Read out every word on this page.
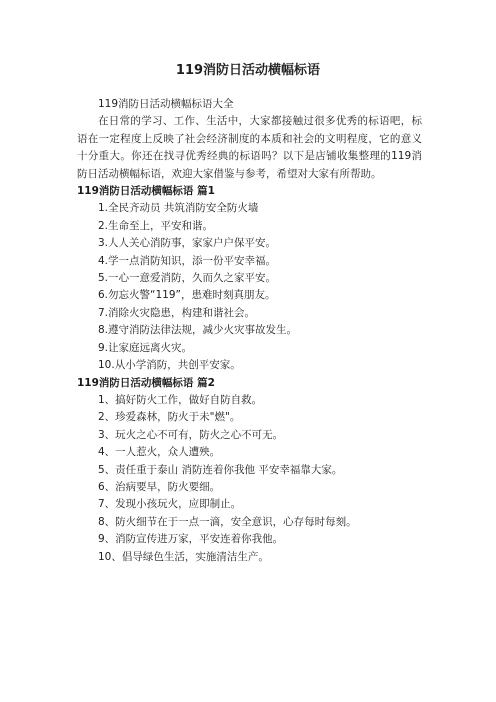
119消防日活动横幅标语

119消防日活动横幅标语大全

在日常的学习、工作、生活中，大家都接触过很多优秀的标语吧，标语在一定程度上反映了社会经济制度的本质和社会的文明程度，它的意义十分重大。你还在找寻优秀经典的标语吗？以下是店铺收集整理的119消防日活动横幅标语，欢迎大家借鉴与参考，希望对大家有所帮助。

119消防日活动横幅标语 篇1

1.全民齐动员 共筑消防安全防火墙

2.生命至上，平安和谐。

3.人人关心消防事，家家户户保平安。

4.学一点消防知识，添一份平安幸福。

5.一心一意爱消防，久而久之家平安。

6.勿忘火警“119”，患难时刻真朋友。

7.消除火灾隐患，构建和谐社会。

8.遵守消防法律法规，减少火灾事故发生。

9.让家庭远离火灾。

10.从小学消防，共创平安家。

119消防日活动横幅标语 篇2

1、搞好防火工作，做好自防自救。

2、珍爱森林，防火于未"燃"。

3、玩火之心不可有，防火之心不可无。

4、一人惹火，众人遭殃。

5、责任重于泰山 消防连着你我他 平安幸福靠大家。

6、治病要早，防火要细。

7、发现小孩玩火，应即制止。

8、防火细节在于一点一滴，安全意识，心存每时每刻。

9、消防宣传进万家，平安连着你我他。

10、倡导绿色生活，实施清洁生产。
